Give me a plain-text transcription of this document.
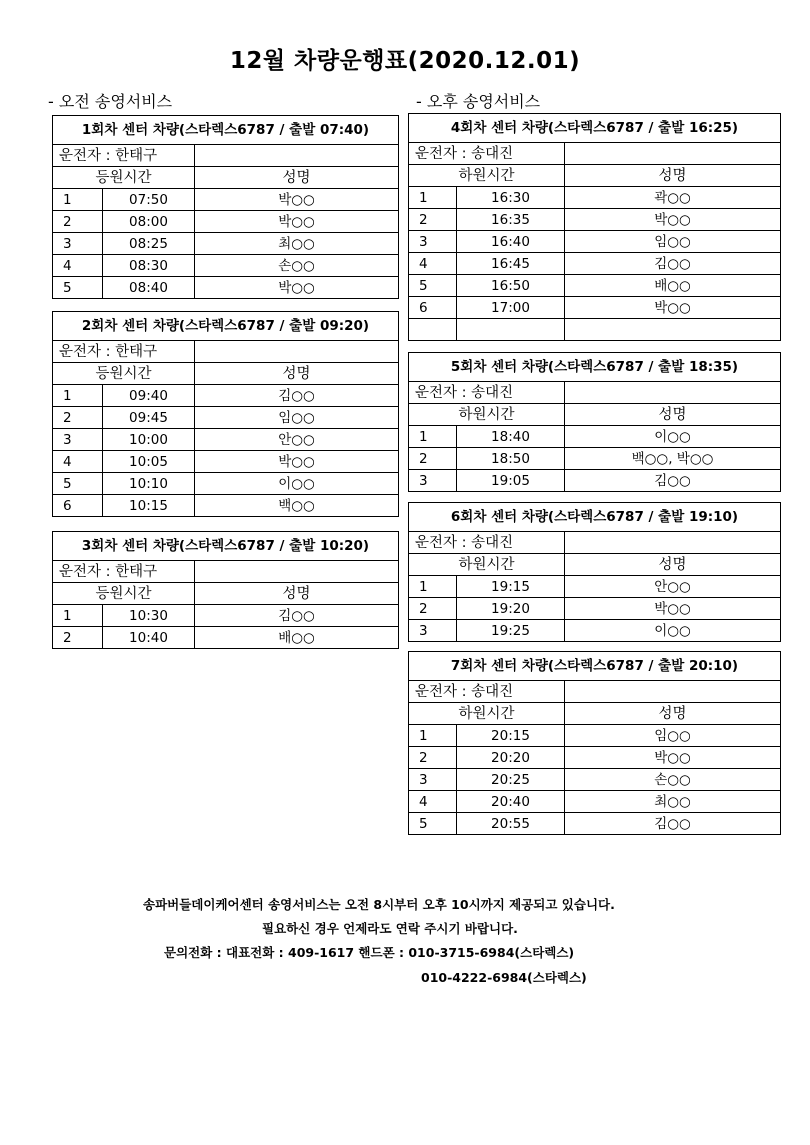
12월 차량운행표(2020.12.01)
- 오전 송영서비스	- 오후 송영서비스
1회차 센터 차량(스타렉스6787 / 출발 07:40)		
운전자 : 한태구		
등원시간		성명
1	07:50	박○○
2	08:00	박○○
3	08:25	최○○
4	08:30	손○○
5	08:40	박○○
2회차 센터 차량(스타렉스6787 / 출발 09:20)		
운전자 : 한태구		
등원시간		성명
1	09:40	김○○
2	09:45	임○○
3	10:00	안○○
4	10:05	박○○
5	10:10	이○○
6	10:15	백○○
3회차 센터 차량(스타렉스6787 / 출발 10:20)		
운전자 : 한태구		
등원시간		성명
1	10:30	김○○
2	10:40	배○○
4회차 센터 차량(스타렉스6787 / 출발 16:25)		
운전자 : 송대진		
하원시간		성명
1	16:30	곽○○
2	16:35	박○○
3	16:40	임○○
4	16:45	김○○
5	16:50	배○○
6	17:00	박○○

5회차 센터 차량(스타렉스6787 / 출발 18:35)		
운전자 : 송대진		
하원시간		성명
1	18:40	이○○
2	18:50	백○○, 박○○
3	19:05	김○○
6회차 센터 차량(스타렉스6787 / 출발 19:10)		
운전자 : 송대진		
하원시간		성명
1	19:15	안○○
2	19:20	박○○
3	19:25	이○○
7회차 센터 차량(스타렉스6787 / 출발 20:10)		
운전자 : 송대진		
하원시간		성명
1	20:15	임○○
2	20:20	박○○
3	20:25	손○○
4	20:40	최○○
5	20:55	김○○
송파버들데이케어센터 송영서비스는 오전 8시부터 오후 10시까지 제공되고 있습니다.
필요하신 경우 언제라도 연락 주시기 바랍니다.
문의전화 : 대표전화 : 409-1617 핸드폰 : 010-3715-6984(스타렉스)
010-4222-6984(스타렉스)
